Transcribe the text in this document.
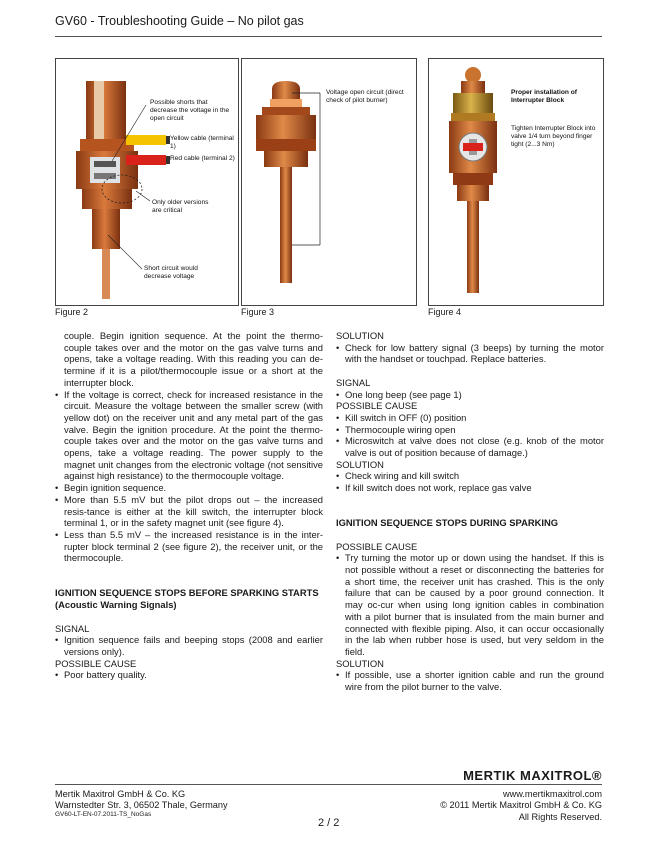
GV60 - Troubleshooting Guide – No pilot gas
Possible shorts that decrease the voltage in the open circuit
Yellow cable (terminal 1)
Red cable (terminal 2)
Only older versions are critical
Short circuit would decrease voltage
Figure 2
Voltage open circuit (direct check of pilot burner)
Figure 3
Proper installation of Interrupter Block
Tighten Interrupter Block into valve 1/4 turn beyond finger tight (2...3 Nm)
Figure 4

couple. Begin ignition sequence. At the point the thermo-couple takes over and the motor on the gas valve turns and opens, take a voltage reading. With this reading you can de-termine if it is a pilot/thermocouple issue or a short at the interrupter block.

• If the voltage is correct, check for increased resistance in the circuit. Measure the voltage between the smaller screw (with yellow dot) on the receiver unit and any metal part of the gas valve. Begin the ignition procedure. At the point the thermo-couple takes over and the motor on the gas valve turns and opens, take a voltage reading. The power supply to the magnet unit changes from the electronic voltage (not sensitive against high resistance) to the thermocouple voltage.

• Begin ignition sequence.

• More than 5.5 mV but the pilot drops out – the increased resis-tance is either at the kill switch, the interrupter block terminal 1, or in the safety magnet unit (see figure 4).

• Less than 5.5 mV – the increased resistance is in the inter-rupter block terminal 2 (see figure 2), the receiver unit, or the thermocouple.

IGNITION SEQUENCE STOPS BEFORE SPARKING STARTS (Acoustic Warning Signals)

SIGNAL

• Ignition sequence fails and beeping stops (2008 and earlier versions only).

POSSIBLE CAUSE

• Poor battery quality.

SOLUTION

• Check for low battery signal (3 beeps) by turning the motor with the handset or touchpad. Replace batteries.

SIGNAL

• One long beep (see page 1)

POSSIBLE CAUSE

• Kill switch in OFF (0) position

• Thermocouple wiring open

• Microswitch at valve does not close (e.g. knob of the motor valve is out of position because of damage.)

SOLUTION

• Check wiring and kill switch

• If kill switch does not work, replace gas valve

IGNITION SEQUENCE STOPS DURING SPARKING

POSSIBLE CAUSE

• Try turning the motor up or down using the handset. If this is not possible without a reset or disconnecting the batteries for a short time, the receiver unit has crashed. This is the only failure that can be caused by a poor ground connection. It may oc-cur when using long ignition cables in combination with a pilot burner that is insulated from the main burner and connected with flexible piping. Also, it can occur occasionally in the lab when rubber hose is used, but very seldom in the field.

SOLUTION

• If possible, use a shorter ignition cable and run the ground wire from the pilot burner to the valve.

MERTIK MAXITROL®
Mertik Maxitrol GmbH & Co. KG
Warnstedter Str. 3, 06502 Thale, Germany
GV60-LT-EN-07.2011-TS_NoGas
www.mertikmaxitrol.com
© 2011 Mertik Maxitrol GmbH & Co. KG
All Rights Reserved.
2 / 2
